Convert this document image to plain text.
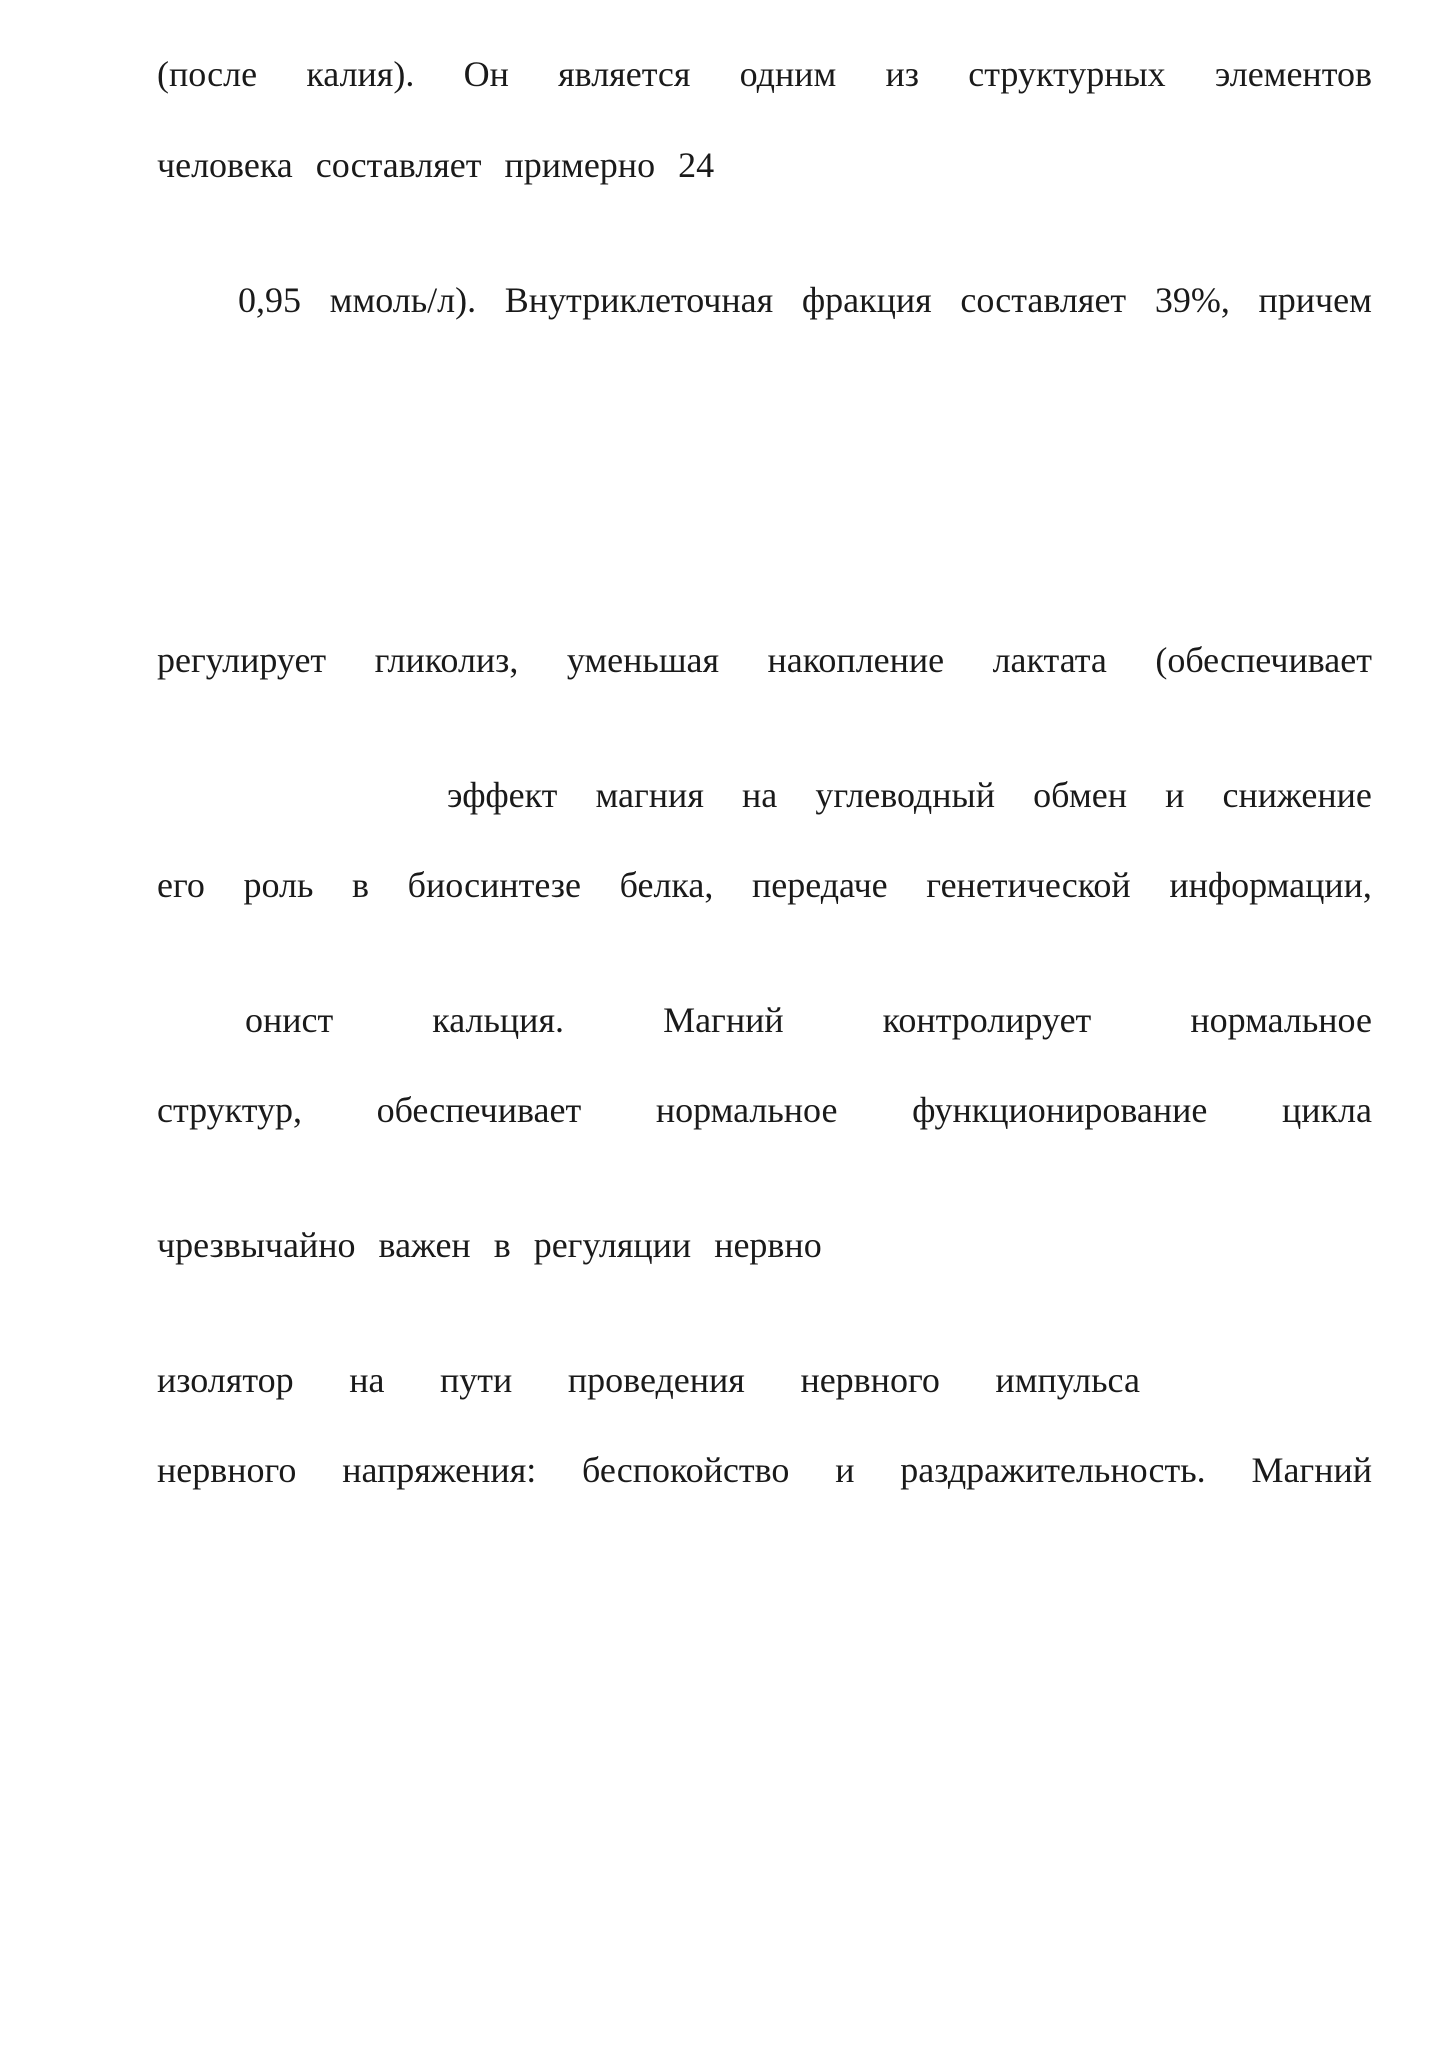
(после калия). Он является одним из структурных элементов
человека составляет примерно 24
0,95 ммоль/л). Внутриклеточная фракция составляет 39%, причем
регулирует гликолиз, уменьшая накопление лактата (обеспечивает
эффект магния на углеводный обмен и снижение
его роль в биосинтезе белка, передаче генетической информации,
онист	кальция.	Магний	контролирует	нормальное
структур, обеспечивает нормальное функционирование цикла
чрезвычайно важен в регуляции нервно
изолятор на пути проведения нервного импульса
нервного напряжения: беспокойство и раздражительность. Магний
